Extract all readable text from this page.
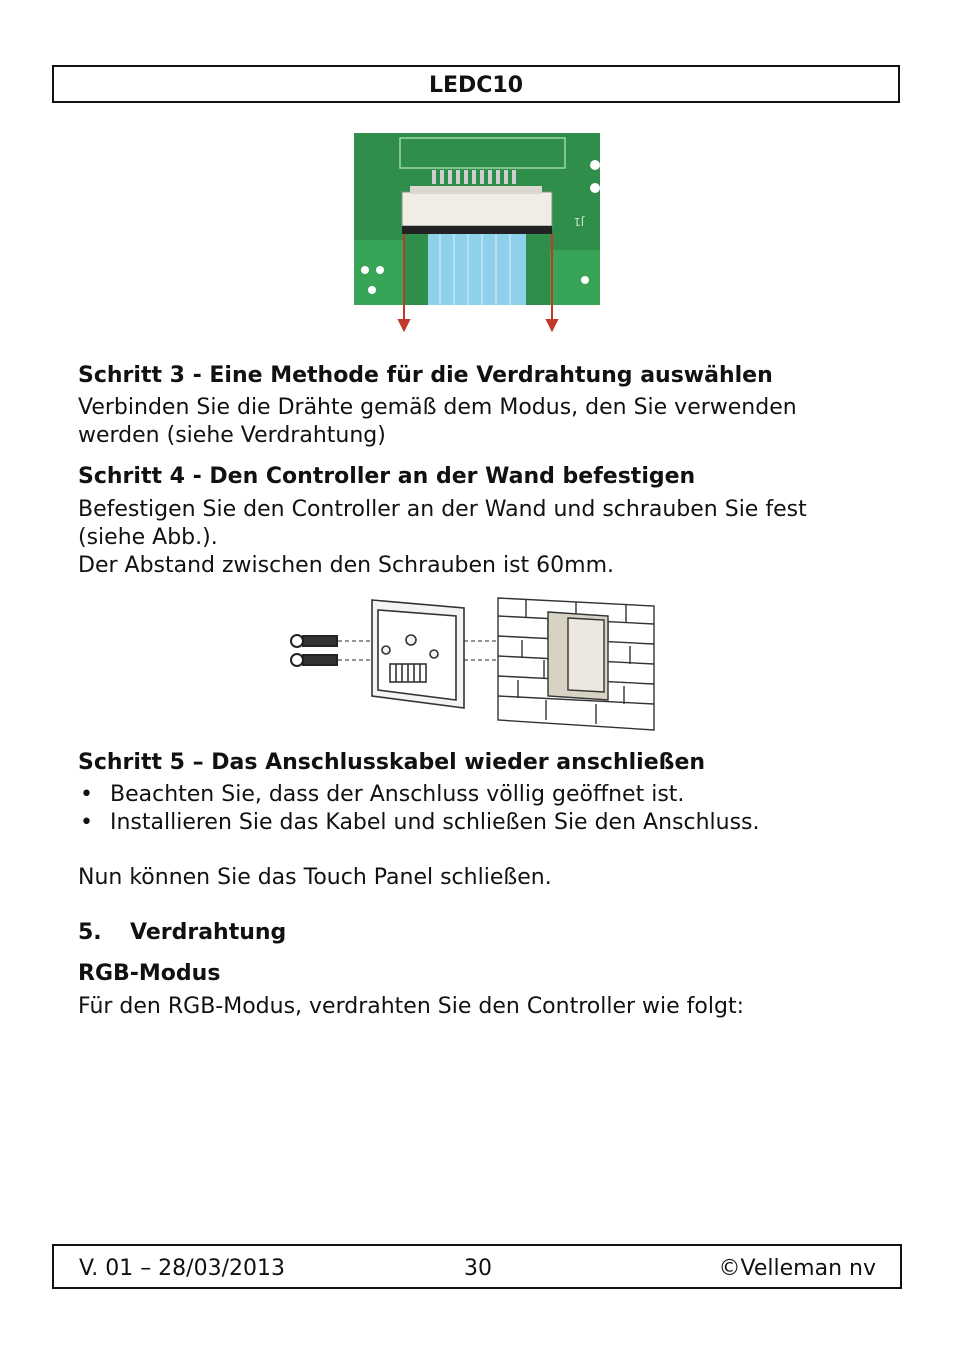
LEDC10
J1
Schritt 3 - Eine Methode für die Verdrahtung auswählen

Verbinden Sie die Drähte gemäß dem Modus, den Sie verwenden

werden (siehe Verdrahtung)

Schritt 4 - Den Controller an der Wand befestigen

Befestigen Sie den Controller an der Wand und schrauben Sie fest

(siehe Abb.).

Der Abstand zwischen den Schrauben ist 60mm.

Schritt 5 – Das Anschlusskabel wieder anschließen
• Beachten Sie, dass der Anschluss völlig geöffnet ist.
• Installieren Sie das Kabel und schließen Sie den Anschluss.

Nun können Sie das Touch Panel schließen.

5. Verdrahtung
RGB-Modus

Für den RGB-Modus, verdrahten Sie den Controller wie folgt:

V. 01 – 28/03/2013	30	©Velleman nv
